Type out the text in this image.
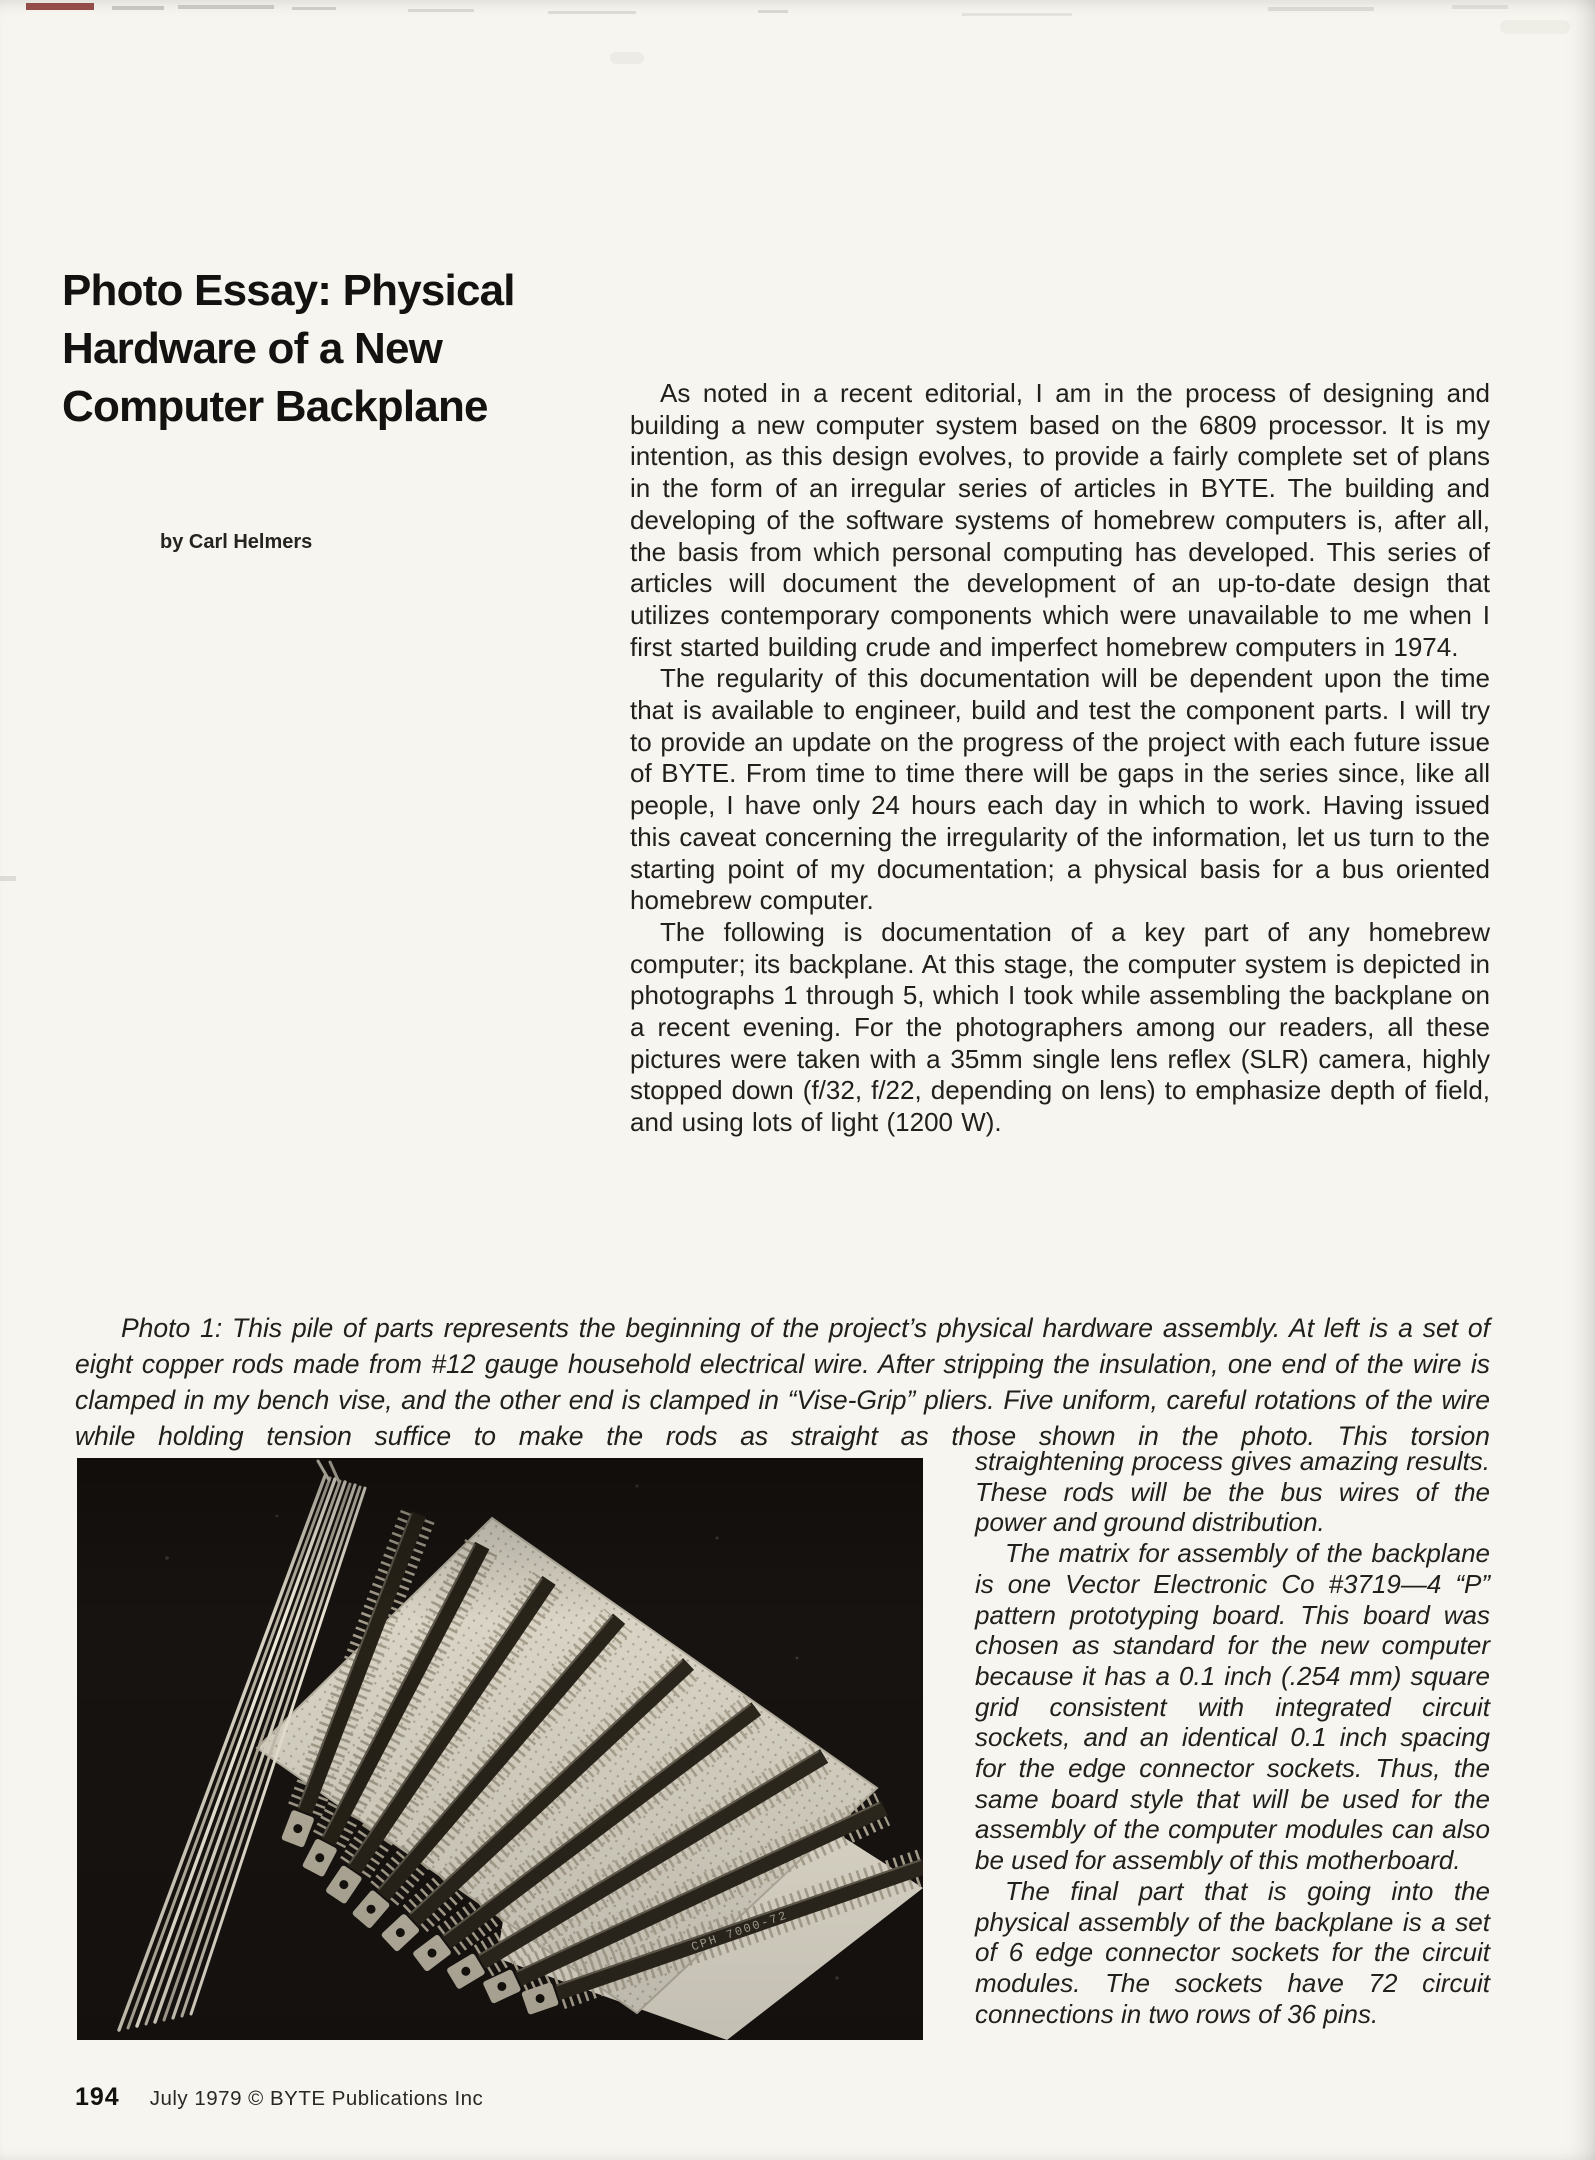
Photo Essay: Physical
Hardware of a New
Computer Backplane
by Carl Helmers

As noted in a recent editorial, I am in the process of designing and building a new computer system based on the 6809 processor. It is my intention, as this design evolves, to provide a fairly complete set of plans in the form of an irregular series of articles in BYTE. The building and developing of the software systems of homebrew computers is, after all, the basis from which personal computing has developed. This series of articles will document the development of an up-to-date design that utilizes contemporary components which were unavailable to me when I first started building crude and imperfect homebrew computers in 1974.

The regularity of this documentation will be dependent upon the time that is available to engineer, build and test the component parts. I will try to provide an update on the progress of the project with each future issue of BYTE. From time to time there will be gaps in the series since, like all people, I have only 24 hours each day in which to work. Having issued this caveat concerning the irregularity of the information, let us turn to the starting point of my documentation; a physical basis for a bus oriented homebrew computer.

The following is documentation of a key part of any homebrew computer; its backplane. At this stage, the computer system is depicted in photographs 1 through 5, which I took while assembling the backplane on a recent evening. For the photographers among our readers, all these pictures were taken with a 35mm single lens reflex (SLR) camera, highly stopped down (f/32, f/22, depending on lens) to emphasize depth of field, and using lots of light (1200 W).

Photo 1: This pile of parts represents the beginning of the project’s physical hardware assembly. At left is a set of eight copper rods made from #12 gauge household electrical wire. After stripping the insulation, one end of the wire is clamped in my bench vise, and the other end is clamped in “Vise-Grip” pliers. Five uniform, careful rotations of the wire while holding tension suffice to make the rods as straight as those shown in the photo. This torsion

straightening process gives amazing results. These rods will be the bus wires of the power and ground distribution.

The matrix for assembly of the backplane is one Vector Electronic Co #3719—4 “P” pattern prototyping board. This board was chosen as standard for the new computer because it has a 0.1 inch (.254 mm) square grid consistent with integrated circuit sockets, and an identical 0.1 inch spacing for the edge connector sockets. Thus, the same board style that will be used for the assembly of the computer modules can also be used for assembly of this motherboard.

The final part that is going into the physical assembly of the backplane is a set of 6 edge connector sockets for the circuit modules. The sockets have 72 circuit connections in two rows of 36 pins.

194 July 1979 © BYTE Publications Inc
